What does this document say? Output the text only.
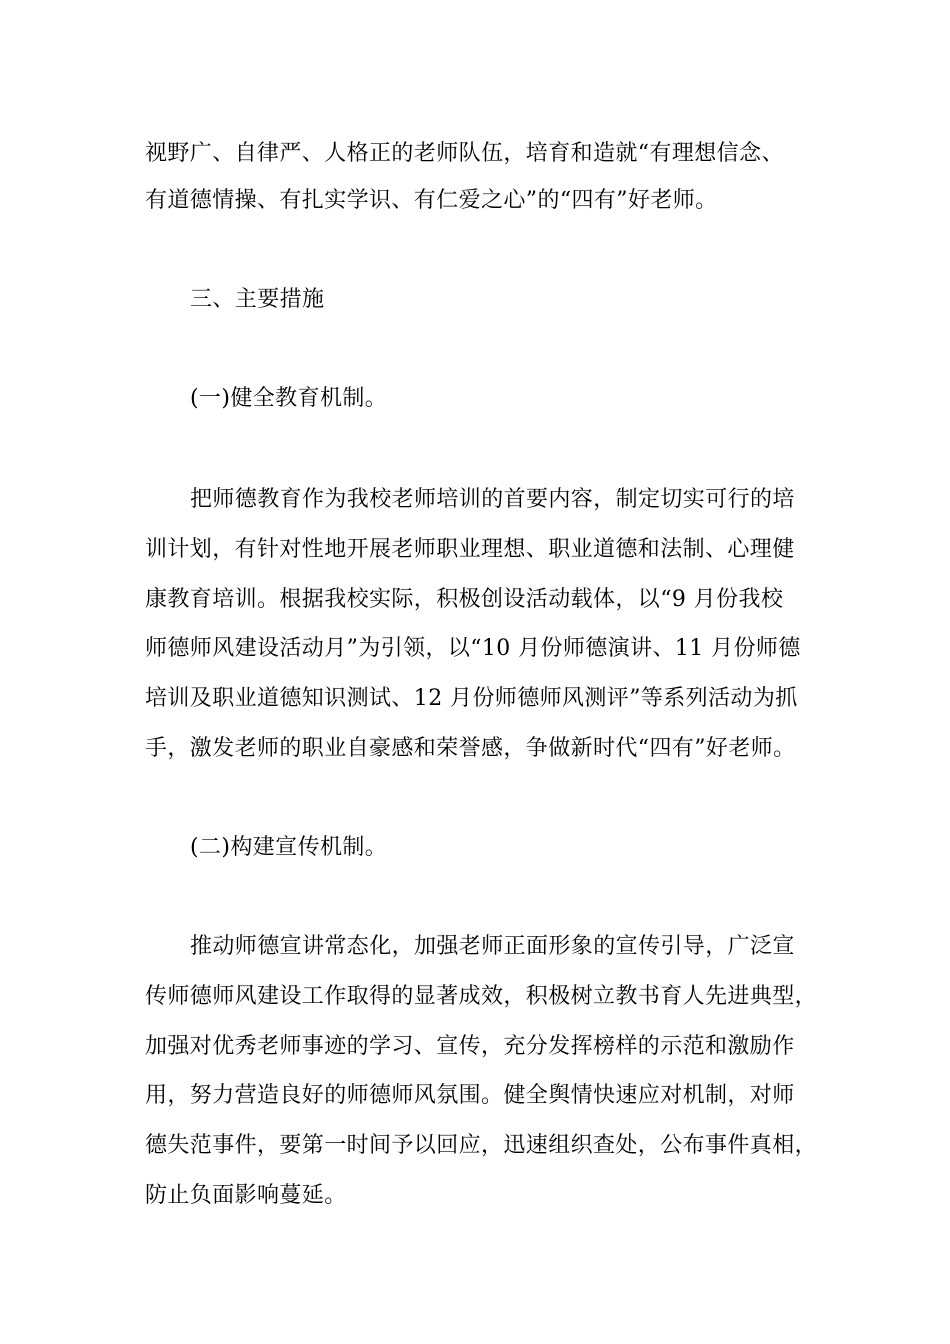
视野广、自律严、人格正的老师队伍，培育和造就“有理想信念、
有道德情操、有扎实学识、有仁爱之心”的“四有”好老师。
三、主要措施
(一)健全教育机制。
把师德教育作为我校老师培训的首要内容，制定切实可行的培
训计划，有针对性地开展老师职业理想、职业道德和法制、心理健
康教育培训。根据我校实际，积极创设活动载体，以“9 月份我校
师德师风建设活动月”为引领，以“10 月份师德演讲、11 月份师德
培训及职业道德知识测试、12 月份师德师风测评”等系列活动为抓
手，激发老师的职业自豪感和荣誉感，争做新时代“四有”好老师。
(二)构建宣传机制。
推动师德宣讲常态化，加强老师正面形象的宣传引导，广泛宣
传师德师风建设工作取得的显著成效，积极树立教书育人先进典型，
加强对优秀老师事迹的学习、宣传，充分发挥榜样的示范和激励作
用，努力营造良好的师德师风氛围。健全舆情快速应对机制，对师
德失范事件，要第一时间予以回应，迅速组织查处，公布事件真相，
防止负面影响蔓延。
